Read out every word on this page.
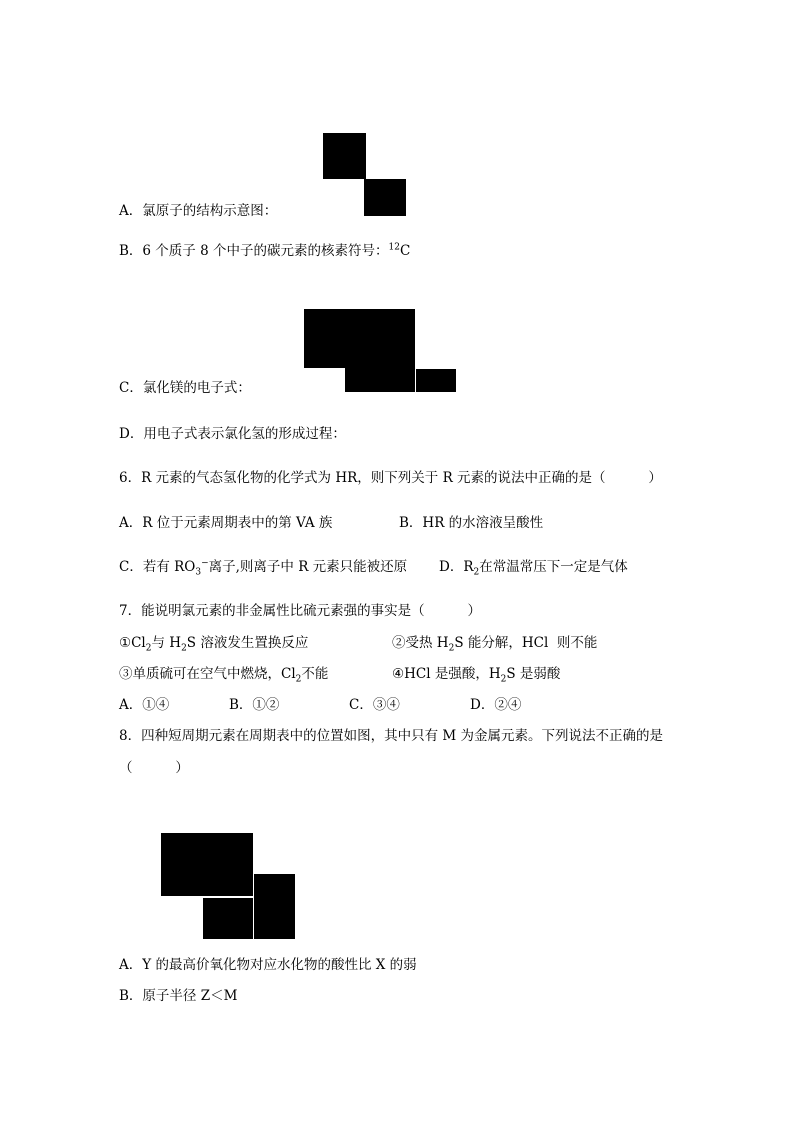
A．氯原子的结构示意图：
B．6 个质子 8 个中子的碳元素的核素符号：$^{12}$C
C．氯化镁的电子式：
D．用电子式表示氯化氢的形成过程：
6．R 元素的气态氢化物的化学式为 HR，则下列关于 R 元素的说法中正确的是（          ）
A．R 位于元素周期表中的第 VA 族	B．HR 的水溶液呈酸性
C．若有 $RO_3^-$离子,则离子中 R 元素只能被还原 D．$R_2$在常温常压下一定是气体
7．能说明氯元素的非金属性比硫元素强的事实是（          ）
$①Cl_2$与 $H_2S$ 溶液发生置换反应	②受热 $H_2S$ 能分解，HCl  则不能
③单质硫可在空气中燃烧，$Cl_2$不能	④HCl 是强酸，$H_2S$ 是弱酸
A．①④	B．①②	C．③④	D．②④
8．四种短周期元素在周期表中的位置如图，其中只有 M 为金属元素。下列说法不正确的是
（          ）
A．Y 的最高价氧化物对应水化物的酸性比 X 的弱
B．原子半径 Z＜M
